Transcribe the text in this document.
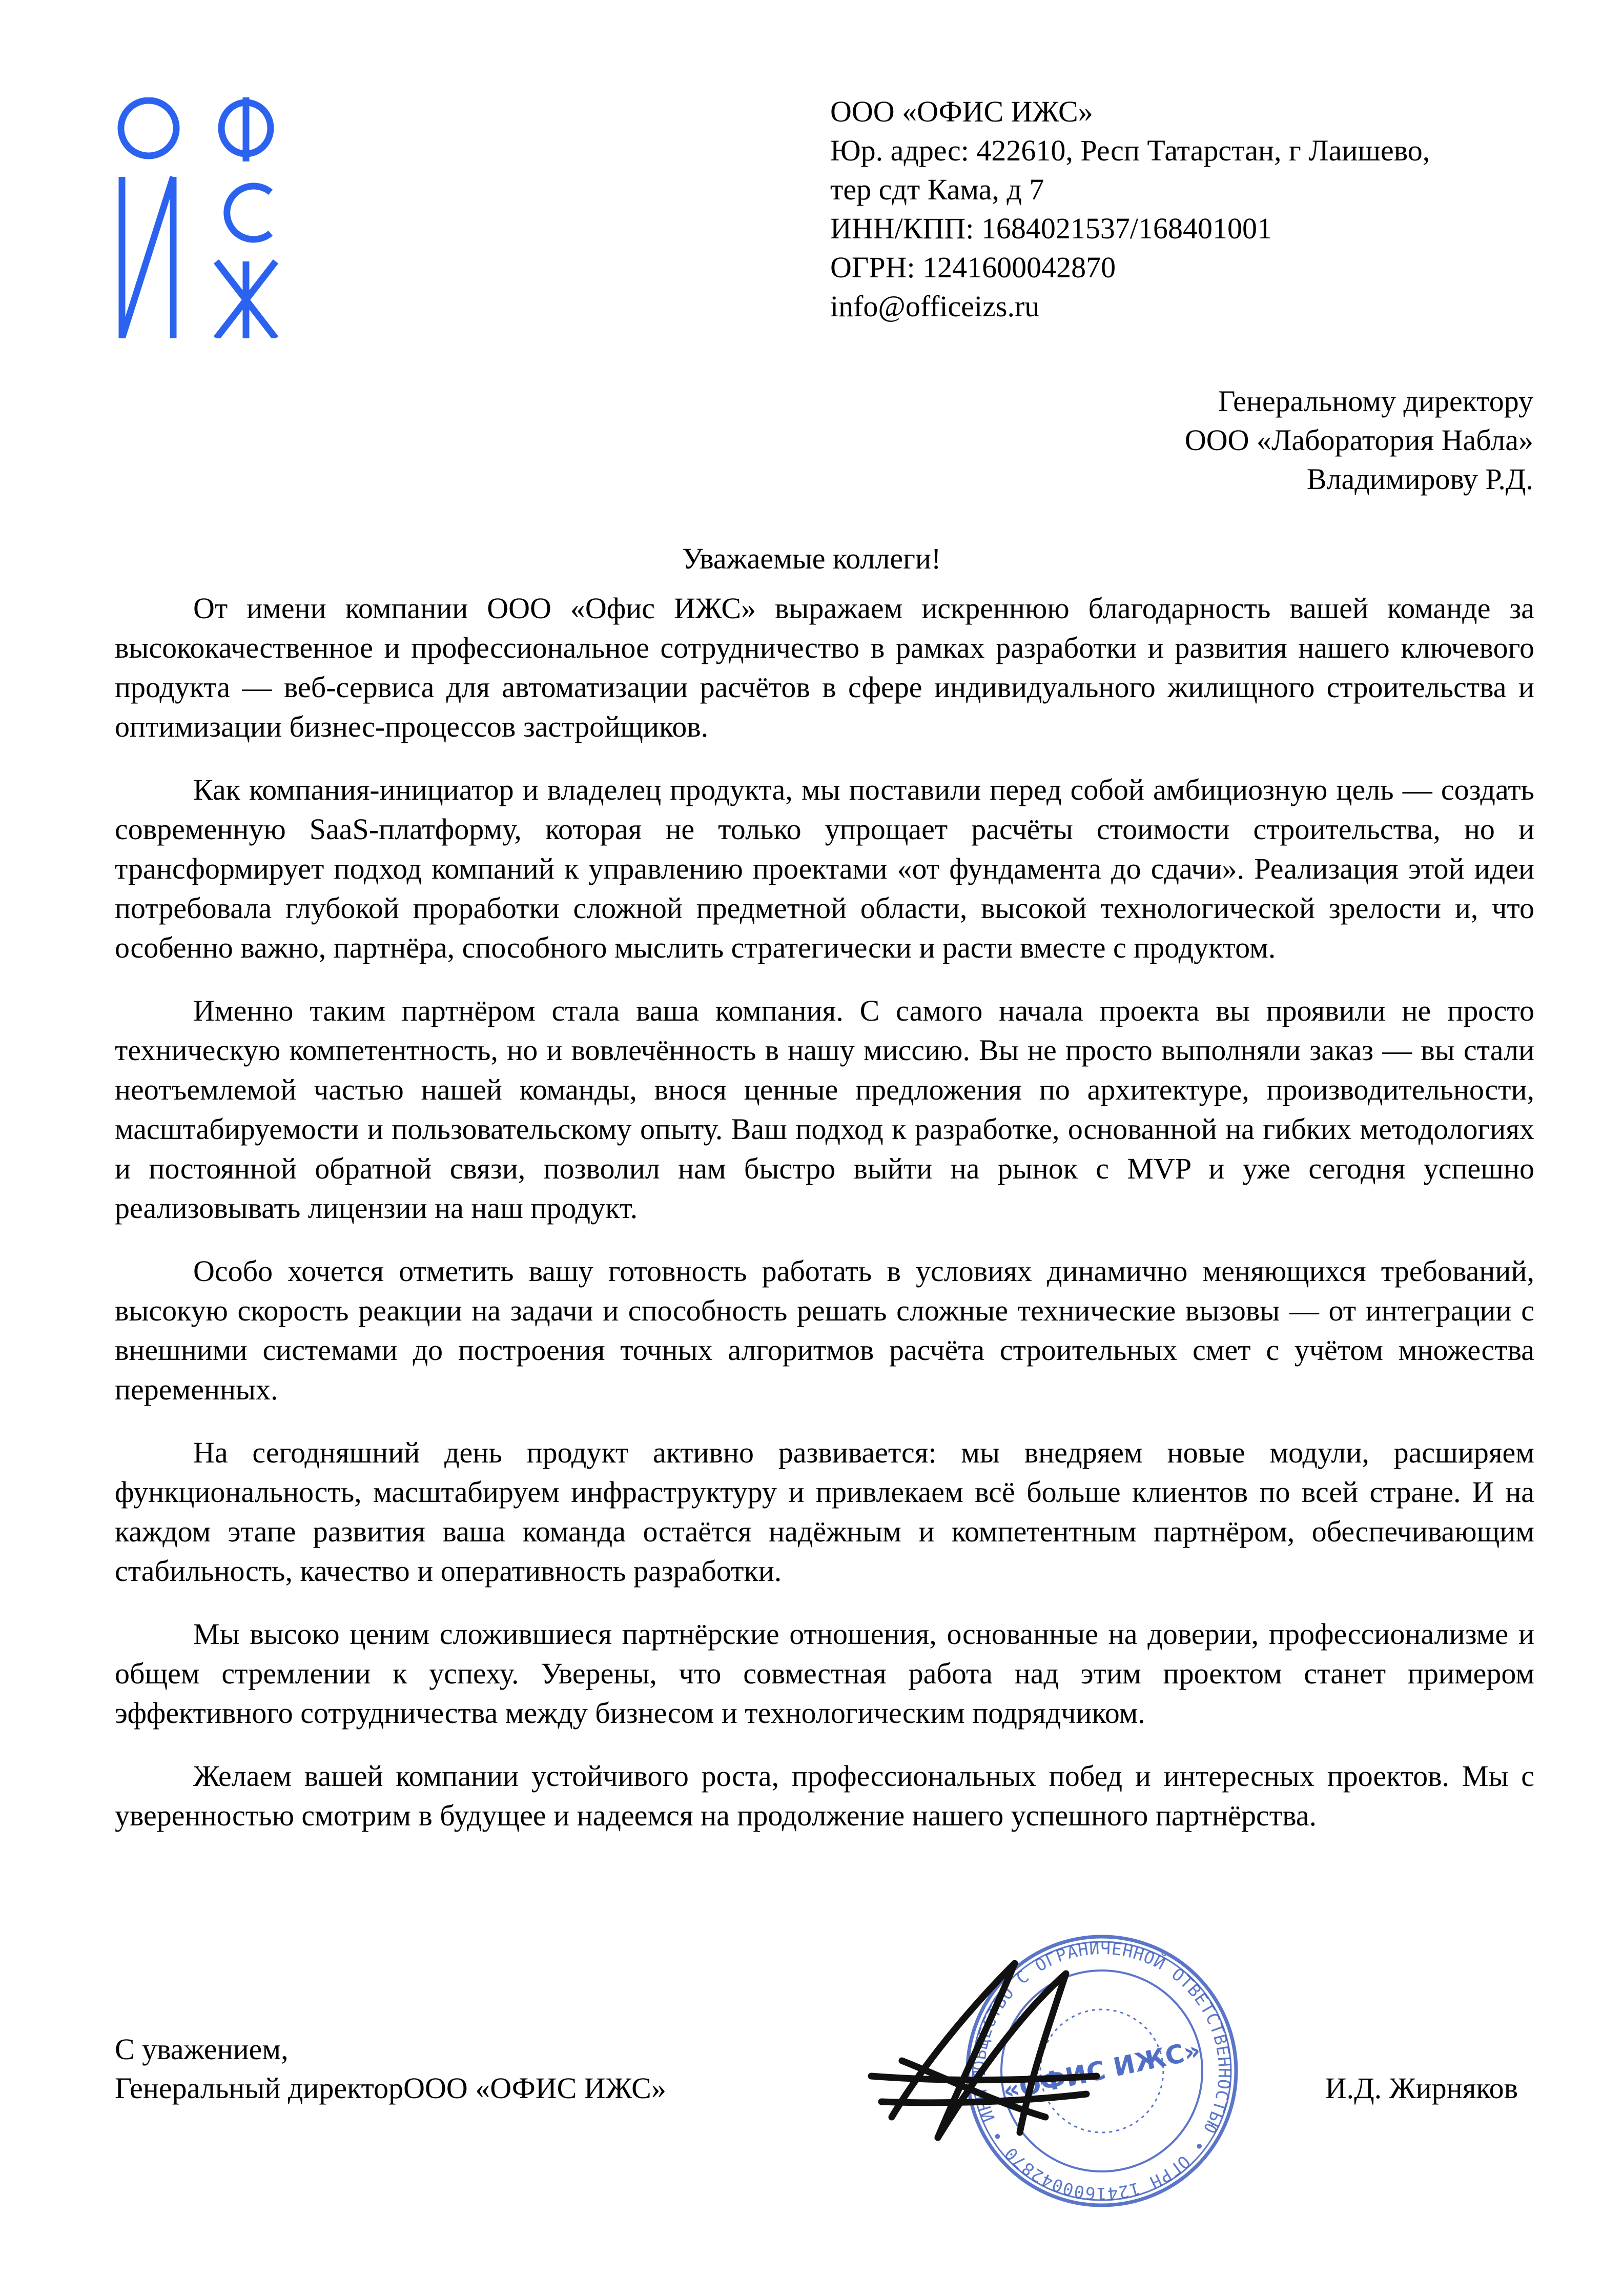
ООО «ОФИС ИЖС»
Юр. адрес: 422610, Респ Татарстан, г Лаишево,
тер сдт Кама, д 7
ИНН/КПП: 1684021537/168401001
ОГРН: 1241600042870
info@officeizs.ru
Генеральному директору
ООО «Лаборатория Набла»
Владимирову Р.Д.
Уважаемые коллеги!

От имени компании ООО «Офис ИЖС» выражаем искреннюю благодарность вашей команде за высококачественное и профессиональное сотрудничество в рамках разработки и развития нашего ключевого продукта — веб-сервиса для автоматизации расчётов в сфере индивидуального жилищного строительства и оптимизации бизнес-процессов застройщиков.

Как компания-инициатор и владелец продукта, мы поставили перед собой амбициозную цель — создать современную SaaS-платформу, которая не только упрощает расчёты стоимости строительства, но и трансформирует подход компаний к управлению проектами «от фундамента до сдачи». Реализация этой идеи потребовала глубокой проработки сложной предметной области, высокой технологической зрелости и, что особенно важно, партнёра, способного мыслить стратегически и расти вместе с продуктом.

Именно таким партнёром стала ваша компания. С самого начала проекта вы проявили не просто техническую компетентность, но и вовлечённость в нашу миссию. Вы не просто выполняли заказ — вы стали неотъемлемой частью нашей команды, внося ценные предложения по архитектуре, производительности, масштабируемости и пользовательскому опыту. Ваш подход к разработке, основанной на гибких методологиях и постоянной обратной связи, позволил нам быстро выйти на рынок с MVP и уже сегодня успешно реализовывать лицензии на наш продукт.

Особо хочется отметить вашу готовность работать в условиях динамично меняющихся требований, высокую скорость реакции на задачи и способность решать сложные технические вызовы — от интеграции с внешними системами до построения точных алгоритмов расчёта строительных смет с учётом множества переменных.

На сегодняшний день продукт активно развивается: мы внедряем новые модули, расширяем функциональность, масштабируем инфраструктуру и привлекаем всё больше клиентов по всей стране. И на каждом этапе развития ваша команда остаётся надёжным и компетентным партнёром, обеспечивающим стабильность, качество и оперативность разработки.

Мы высоко ценим сложившиеся партнёрские отношения, основанные на доверии, профессионализме и общем стремлении к успеху. Уверены, что совместная работа над этим проектом станет примером эффективного сотрудничества между бизнесом и технологическим подрядчиком.

Желаем вашей компании устойчивого роста, профессиональных побед и интересных проектов. Мы с уверенностью смотрим в будущее и надеемся на продолжение нашего успешного партнёрства.

С уважением,
Генеральный директорООО «ОФИС ИЖС»	И.Д. Жирняков
ОБЩЕСТВО С ОГРАНИЧЕННОЙ ОТВЕТСТВЕННОСТЬЮ • ОГРН 1241600042870 • ИНН 1 «ОФИС ИЖС»
